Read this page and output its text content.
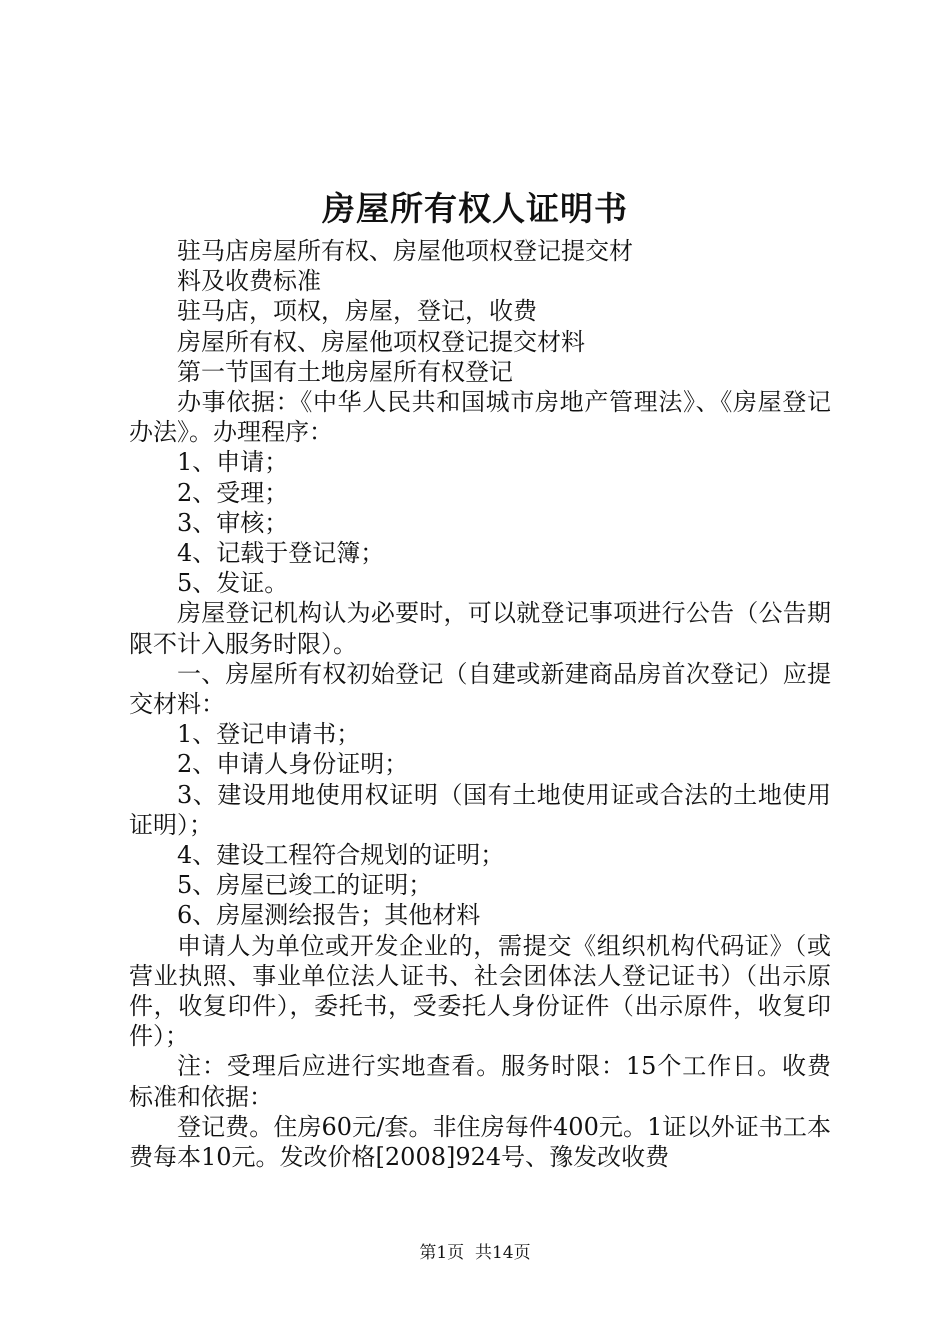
房屋所有权人证明书

驻马店房屋所有权、房屋他项权登记提交材

料及收费标准

驻马店，项权，房屋，登记，收费

房屋所有权、房屋他项权登记提交材料

第一节国有土地房屋所有权登记

办事依据：《中华人民共和国城市房地产管理法》、《房屋登记办法》。办理程序：

1、申请；

2、受理；

3、审核；

4、记载于登记簿；

5、发证。

房屋登记机构认为必要时，可以就登记事项进行公告（公告期限不计入服务时限）。

一、房屋所有权初始登记（自建或新建商品房首次登记）应提交材料：

1、登记申请书；

2、申请人身份证明；

3、建设用地使用权证明（国有土地使用证或合法的土地使用证明）；

4、建设工程符合规划的证明；

5、房屋已竣工的证明；

6、房屋测绘报告；其他材料

申请人为单位或开发企业的，需提交《组织机构代码证》（或营业执照、事业单位法人证书、社会团体法人登记证书）（出示原件，收复印件），委托书，受委托人身份证件（出示原件，收复印件）；

注：受理后应进行实地查看。服务时限：15个工作日。收费标准和依据：

登记费。住房60元/套。非住房每件400元。1证以外证书工本费每本10元。发改价格[2008]924号、豫发改收费

第1页  共14页
